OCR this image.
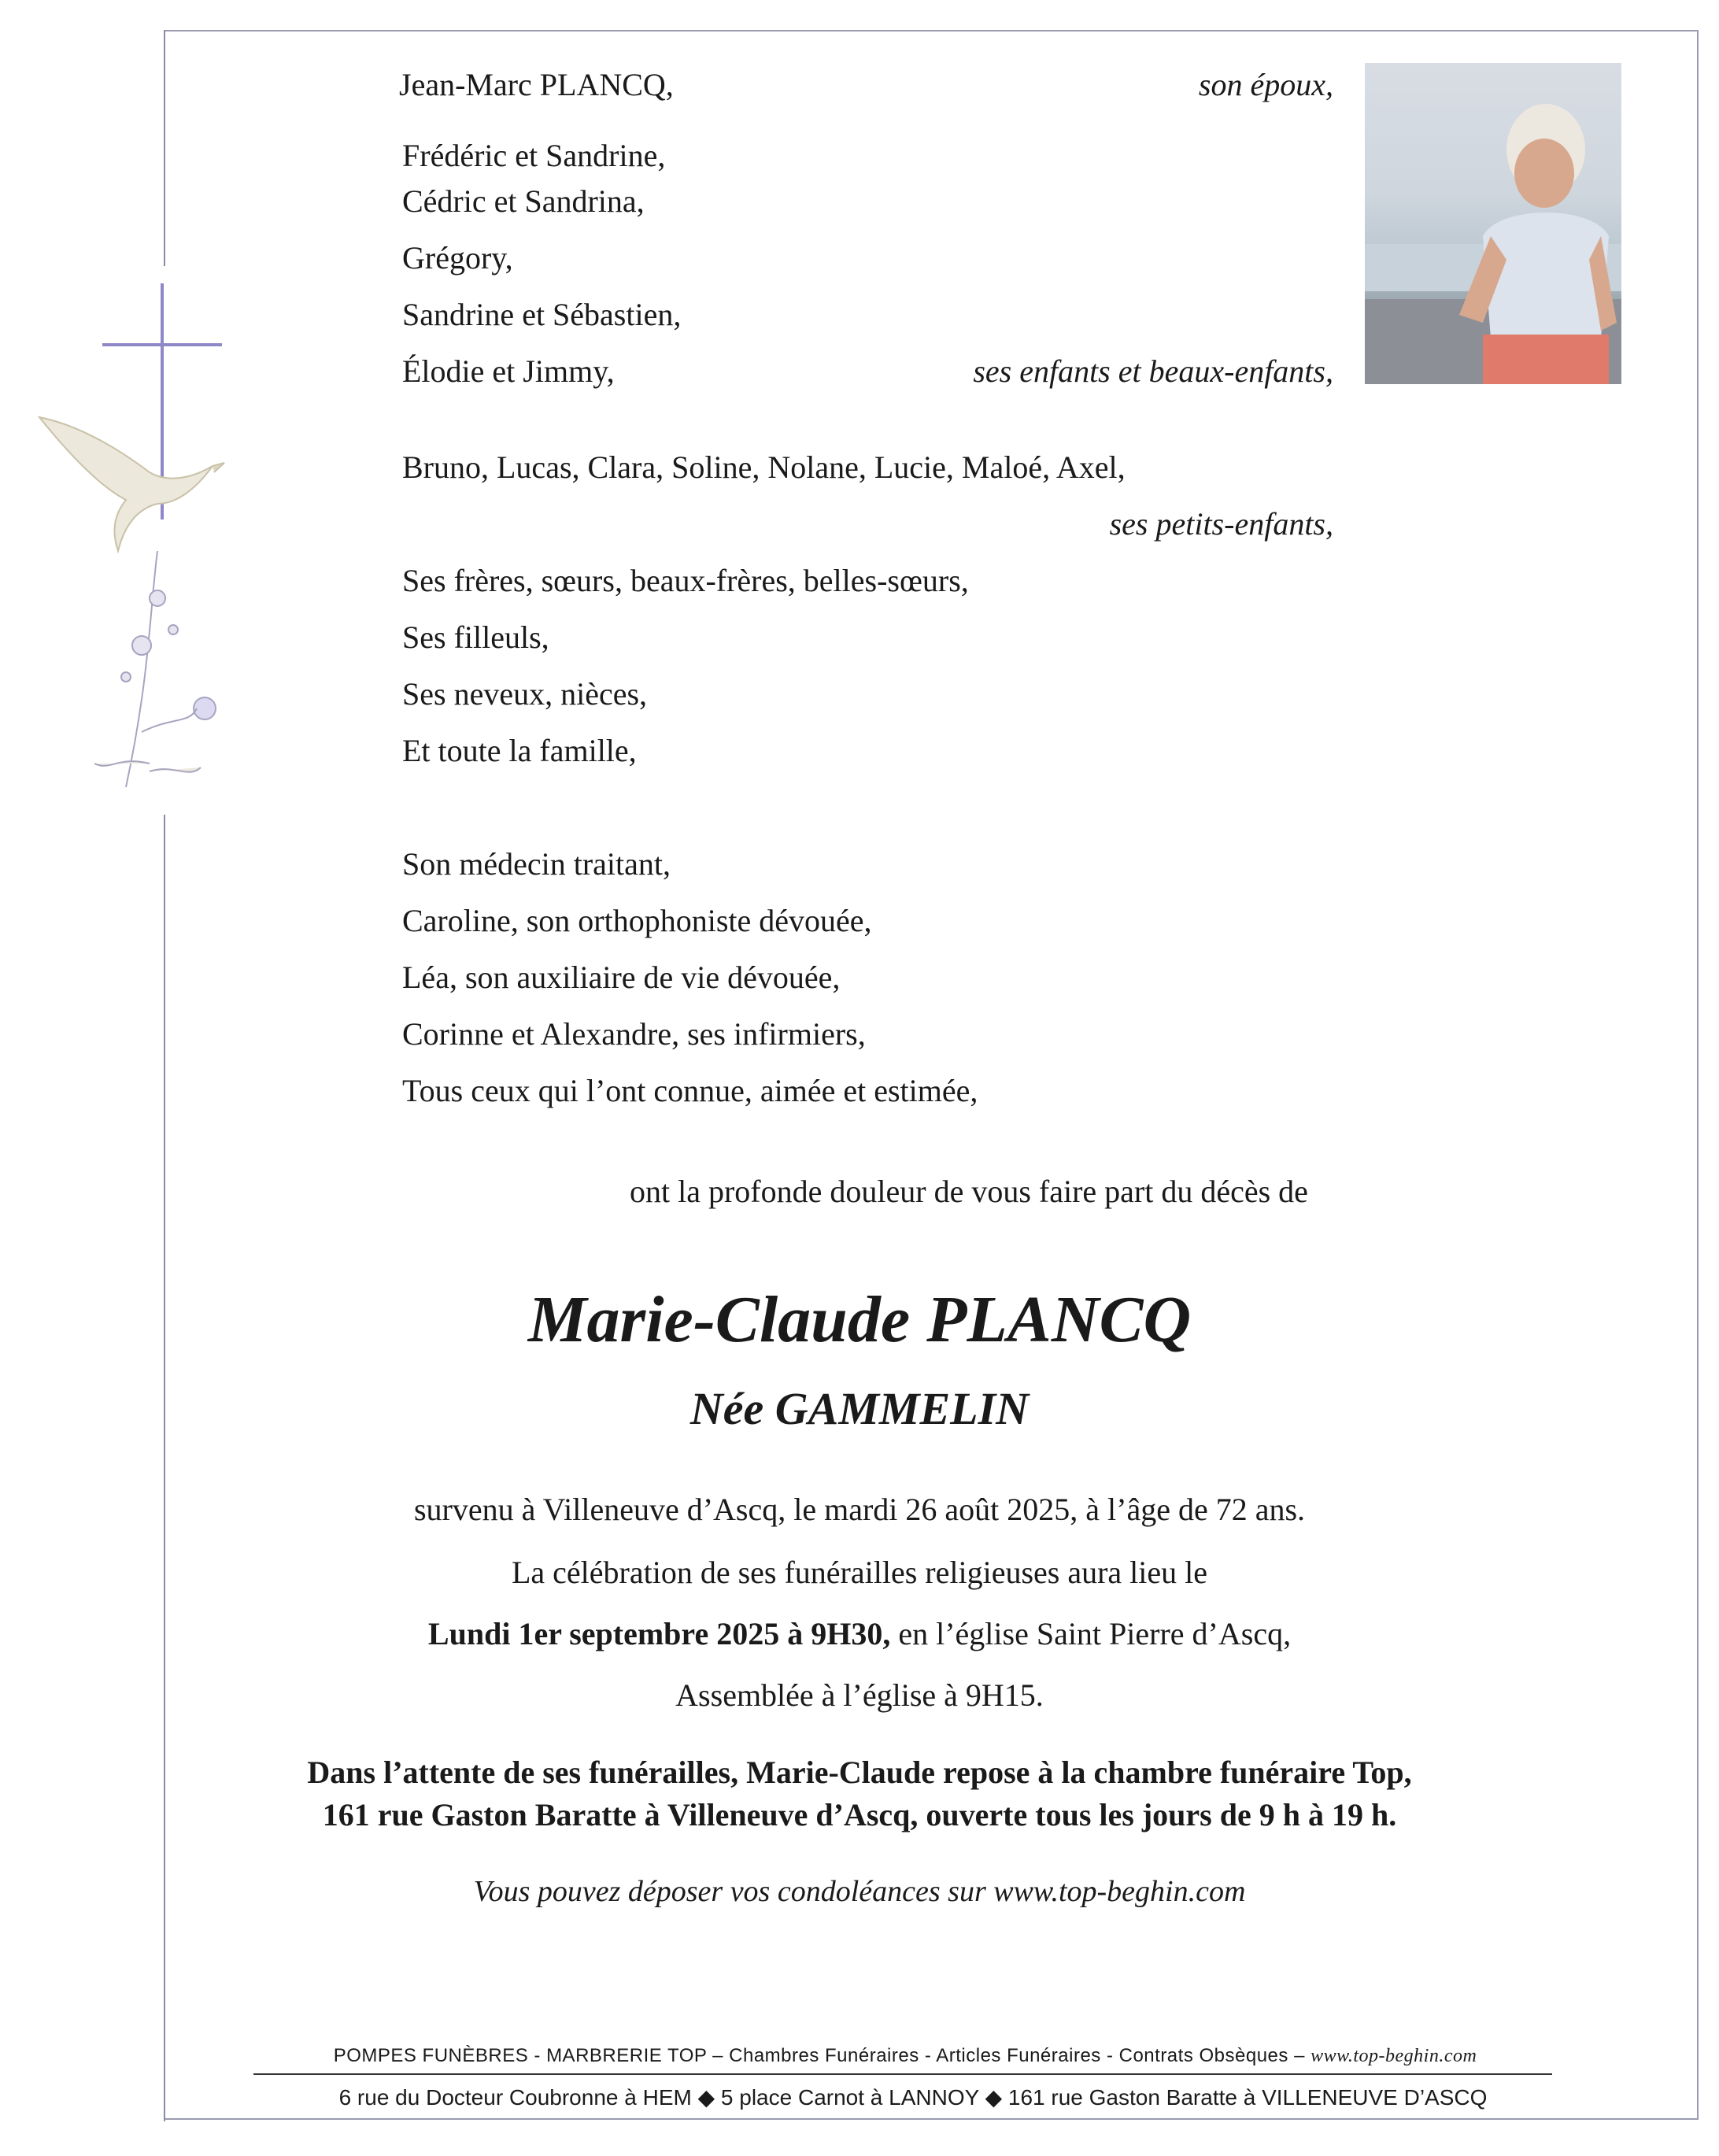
Jean-Marc PLANCQ,	son époux,
Frédéric et Sandrine,
Cédric et Sandrina,
Grégory,
Sandrine et Sébastien,
Élodie et Jimmy,	ses enfants et beaux-enfants,
Bruno, Lucas, Clara, Soline, Nolane, Lucie, Maloé, Axel,
ses petits-enfants,
Ses frères, sœurs, beaux-frères, belles-sœurs,
Ses filleuls,
Ses neveux, nièces,
Et toute la famille,
Son médecin traitant,
Caroline, son orthophoniste dévouée,
Léa, son auxiliaire de vie dévouée,
Corinne et Alexandre, ses infirmiers,
Tous ceux qui l’ont connue, aimée et estimée,
ont la profonde douleur de vous faire part du décès de
Marie-Claude PLANCQ
Née GAMMELIN
survenu à Villeneuve d’Ascq, le mardi 26 août 2025, à l’âge de 72 ans.
La célébration de ses funérailles religieuses aura lieu le
Lundi 1er septembre 2025 à 9H30, en l’église Saint Pierre d’Ascq,
Assemblée à l’église à 9H15.
Dans l’attente de ses funérailles, Marie-Claude repose à la chambre funéraire Top,
161 rue Gaston Baratte à Villeneuve d’Ascq, ouverte tous les jours de 9 h à 19 h.
Vous pouvez déposer vos condoléances sur www.top-beghin.com
POMPES FUNÈBRES - MARBRERIE TOP – Chambres Funéraires - Articles Funéraires - Contrats Obsèques – www.top-beghin.com
6 rue du Docteur Coubronne à HEM ◆ 5 place Carnot à LANNOY ◆ 161 rue Gaston Baratte à VILLENEUVE D’ASCQ
